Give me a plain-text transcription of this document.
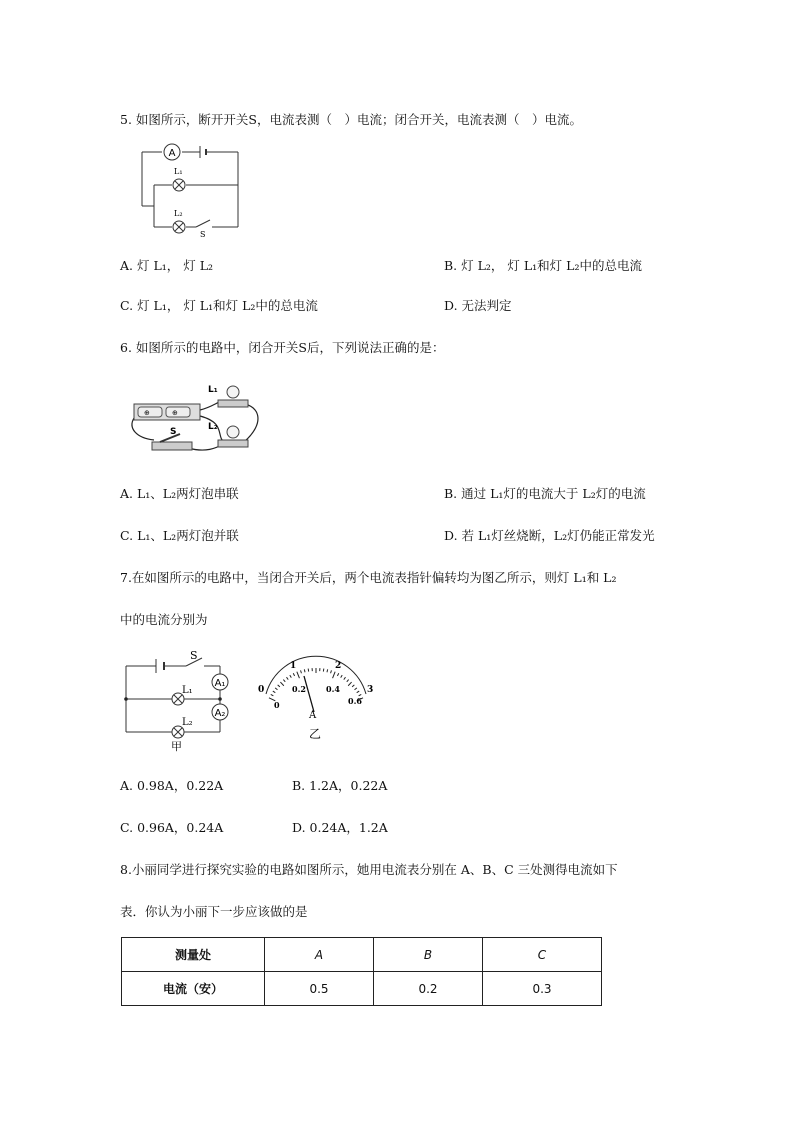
5. 如图所示，断开开关S，电流表测（　）电流；闭合开关，电流表测（　）电流。
A
L₁
L₂
S
A. 灯 L₁， 灯 L₂	B. 灯 L₂， 灯 L₁和灯 L₂中的总电流
C. 灯 L₁， 灯 L₁和灯 L₂中的总电流	D. 无法判定
6. 如图所示的电路中，闭合开关S后，下列说法正确的是：
⊕	⊕
L₁
L₂
S
A. L₁、L₂两灯泡串联	B. 通过 L₁灯的电流大于 L₂灯的电流
C. L₁、L₂两灯泡并联	D. 若 L₁灯丝烧断，L₂灯仍能正常发光
7.在如图所示的电路中，当闭合开关后，两个电流表指针偏转均为图乙所示，则灯 L₁和 L₂
中的电流分别为
S
A₁
A₂
L₁
L₂
甲
0
1	2
3
0
0.2	0.4
0.6
A
乙
A. 0.98A，0.22A	B. 1.2A，0.22A
C. 0.96A，0.24A	D. 0.24A，1.2A
8.小丽同学进行探究实验的电路如图所示，她用电流表分别在 A、B、C 三处测得电流如下
表．你认为小丽下一步应该做的是
测量处	A	B	C
电流（安）	0.5	0.2	0.3
